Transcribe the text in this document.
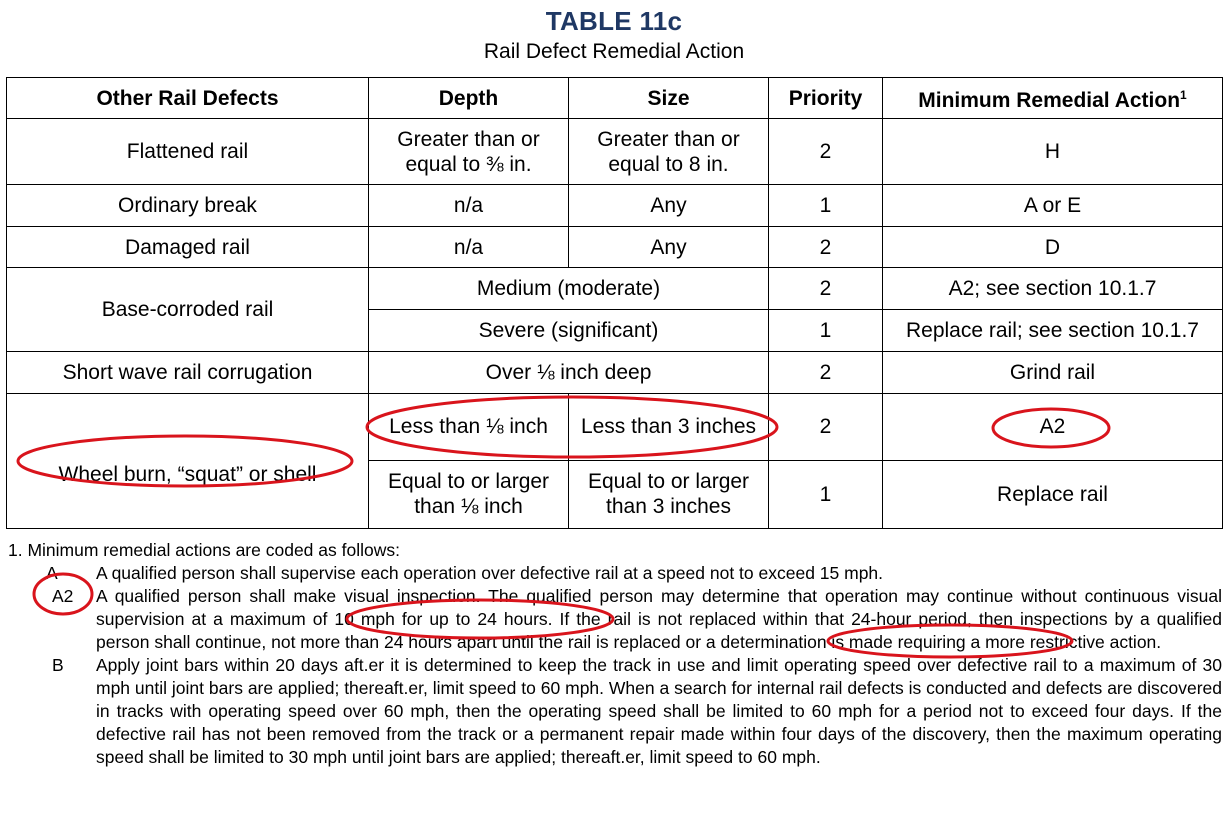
TABLE 11c
Rail Defect Remedial Action
Other Rail Defects	Depth	Size	Priority	Minimum Remedial Action$^1$
Flattened rail	Greater than or equal to ⅜ in.	Greater than or equal to 8 in.	2	H
Ordinary break	n/a	Any	1	A or E
Damaged rail	n/a	Any	2	D
Base-corroded rail	Medium (moderate)		2	A2; see section 10.1.7
	Severe (significant)		1	Replace rail; see section 10.1.7
Short wave rail corrugation	Over ⅛ inch deep		2	Grind rail
Wheel burn, “squat” or shell	Less than ⅛ inch	Less than 3 inches	2	A2
	Equal to or larger than ⅛ inch	Equal to or larger than 3 inches	1	Replace rail
1. Minimum remedial actions are coded as follows:
A	A qualified person shall supervise each operation over defective rail at a speed not to exceed 15 mph.
A2	A qualified person shall make visual inspection. The qualified person may determine that operation may continue without continuous visual supervision at a maximum of 10 mph for up to 24 hours. If the rail is not replaced within that 24-hour period, then inspections by a qualified person shall continue, not more than 24 hours apart until the rail is replaced or a determination is made requiring a more restrictive action.
B	Apply joint bars within 20 days aft.er it is determined to keep the track in use and limit operating speed over defective rail to a maximum of 30 mph until joint bars are applied; thereaft.er, limit speed to 60 mph. When a search for internal rail defects is conducted and defects are discovered in tracks with operating speed over 60 mph, then the operating speed shall be limited to 60 mph for a period not to exceed four days. If the defective rail has not been removed from the track or a permanent repair made within four days of the discovery, then the maximum operating speed shall be limited to 30 mph until joint bars are applied; thereaft.er, limit speed to 60 mph.
